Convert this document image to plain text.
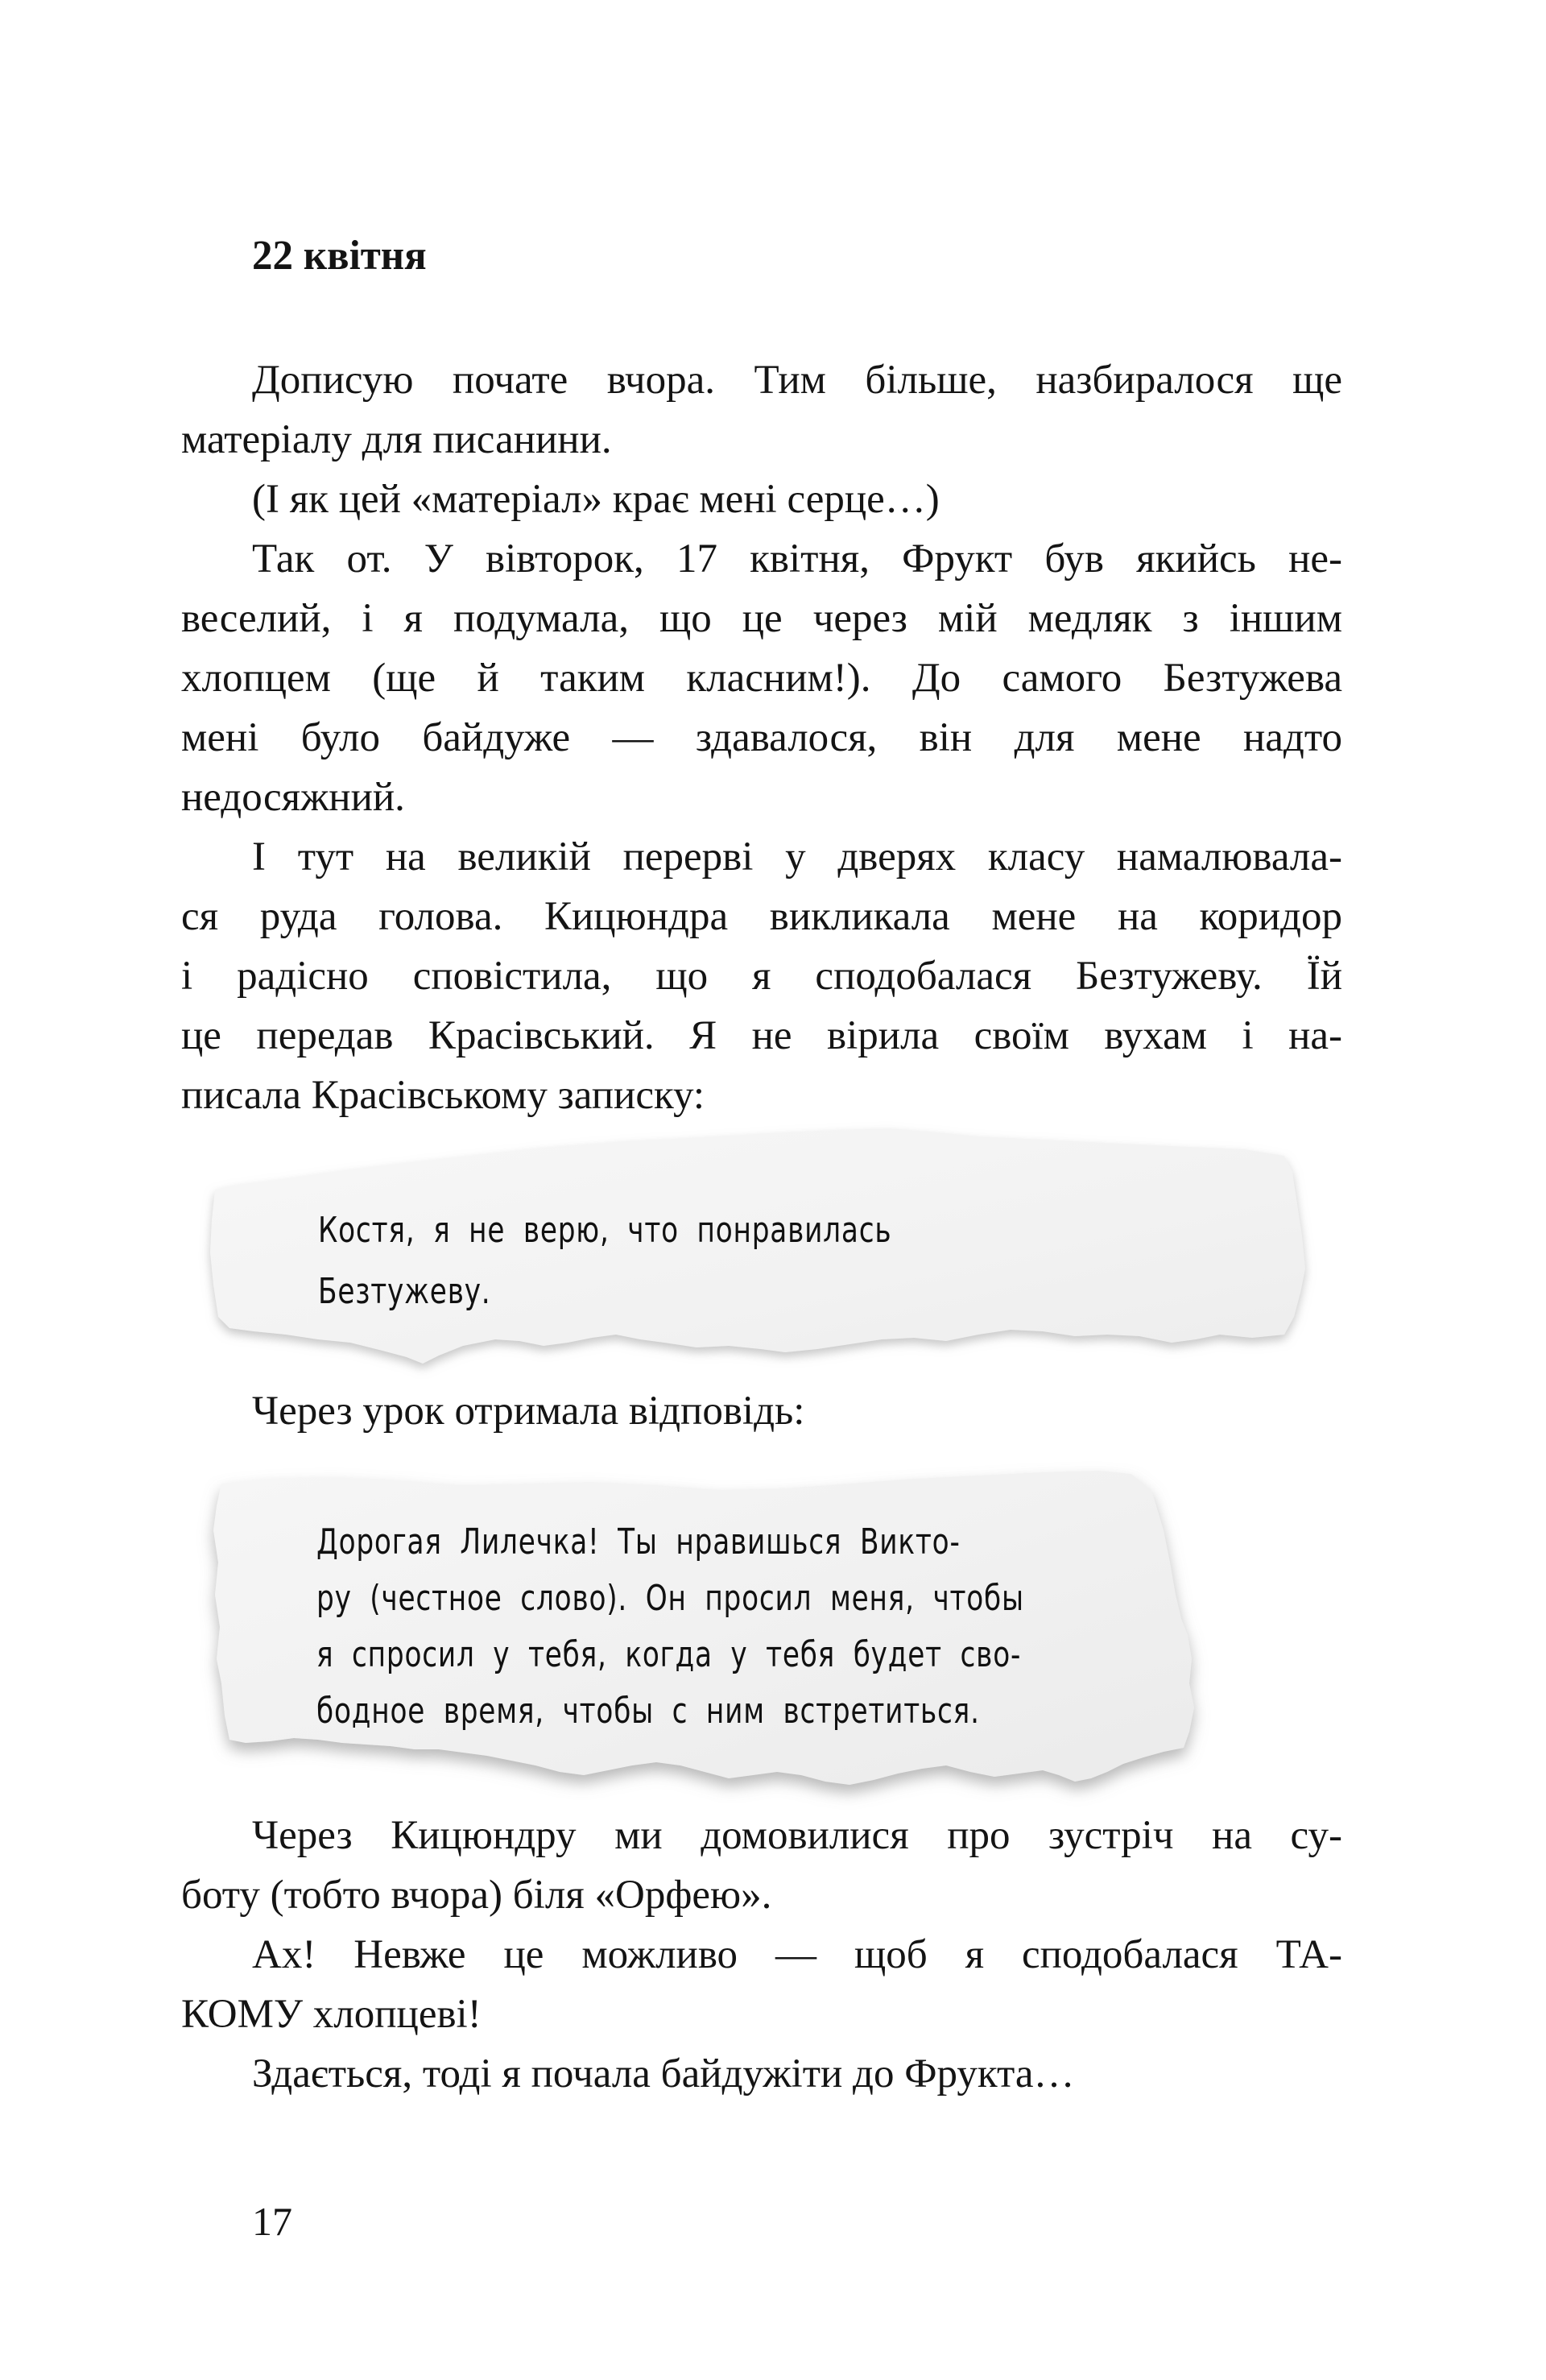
22 квітня
Дописую почате вчора. Тим більше, назбиралося ще
матеріалу для писанини.
(І як цей «матеріал» крає мені серце…)
Так от. У вівторок, 17 квітня, Фрукт був якийсь не-
веселий, і я подумала, що це через мій медляк з іншим
хлопцем (ще й таким класним!). До самого Безтужева
мені було байдуже — здавалося, він для мене надто
недосяжний.
І тут на великій перерві у дверях класу намалювала-
ся руда голова. Кицюндра викликала мене на коридор
і радісно сповістила, що я сподобалася Безтужеву. Їй
це передав Красівський. Я не вірила своїм вухам і на-
писала Красівському записку:
Костя, я не верю, что понравилась
Безтужеву.
Через урок отримала відповідь:
Дорогая Лилечка! Ты нравишься Викто-
ру (честное слово). Он просил меня, чтобы
я спросил у тебя, когда у тебя будет сво-
бодное время, чтобы с ним встретиться.
Через Кицюндру ми домовилися про зустріч на су-
боту (тобто вчора) біля «Орфею».
Ах! Невже це можливо — щоб я сподобалася ТА-
КОМУ хлопцеві!
Здається, тоді я почала байдужіти до Фрукта…
17
